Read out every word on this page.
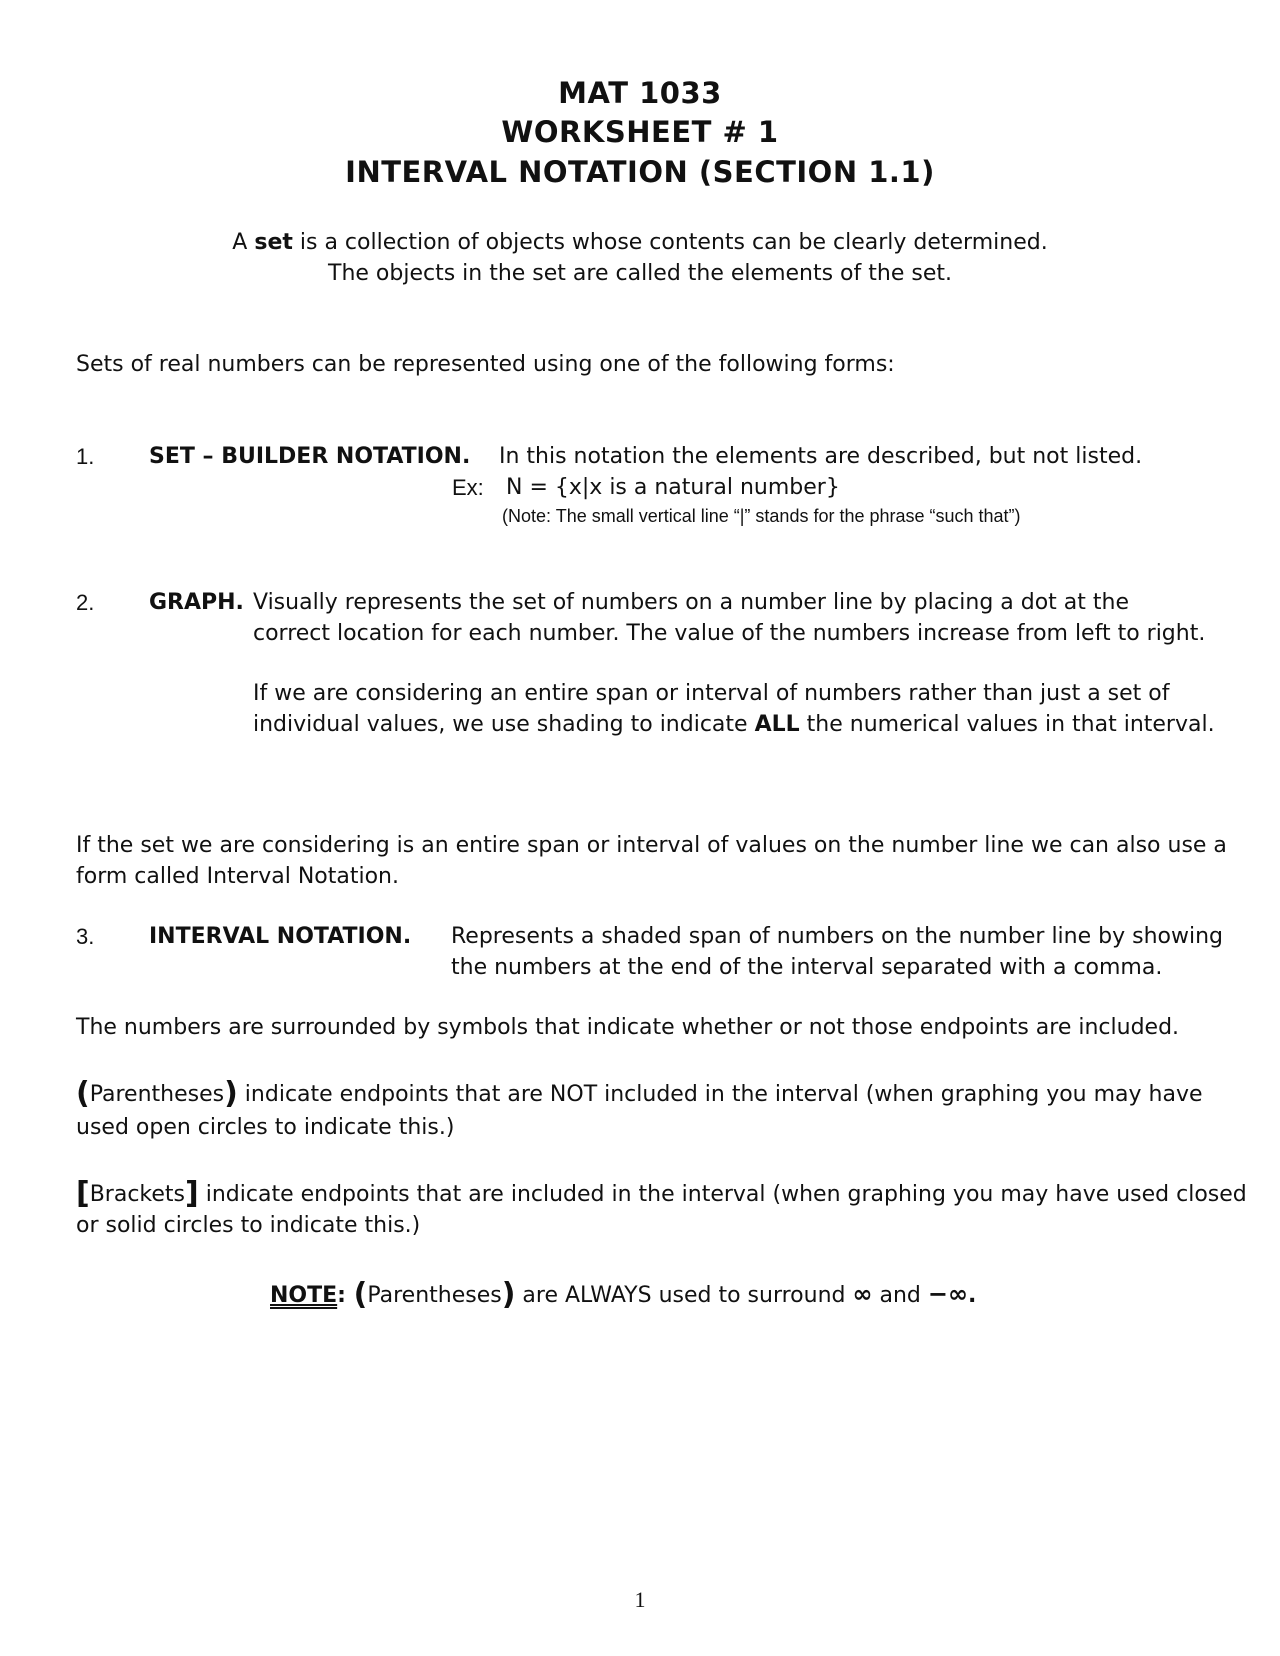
MAT 1033
WORKSHEET # 1
INTERVAL NOTATION (SECTION 1.1)
A set is a collection of objects whose contents can be clearly determined.
The objects in the set are called the elements of the set.
Sets of real numbers can be represented using one of the following forms:
1. SET – BUILDER NOTATION. In this notation the elements are described, but not listed.
Ex: N = {x|x is a natural number}
(Note: The small vertical line “|” stands for the phrase “such that”)
2. GRAPH. Visually represents the set of numbers on a number line by placing a dot at the
correct location for each number. The value of the numbers increase from left to right.
If we are considering an entire span or interval of numbers rather than just a set of
individual values, we use shading to indicate ALL the numerical values in that interval.
If the set we are considering is an entire span or interval of values on the number line we can also use a
form called Interval Notation.
3. INTERVAL NOTATION. Represents a shaded span of numbers on the number line by showing
the numbers at the end of the interval separated with a comma.
The numbers are surrounded by symbols that indicate whether or not those endpoints are included.
(Parentheses) indicate endpoints that are NOT included in the interval (when graphing you may have
used open circles to indicate this.)
[Brackets] indicate endpoints that are included in the interval (when graphing you may have used closed
or solid circles to indicate this.)
NOTE: (Parentheses) are ALWAYS used to surround ∞ and −∞.
1
